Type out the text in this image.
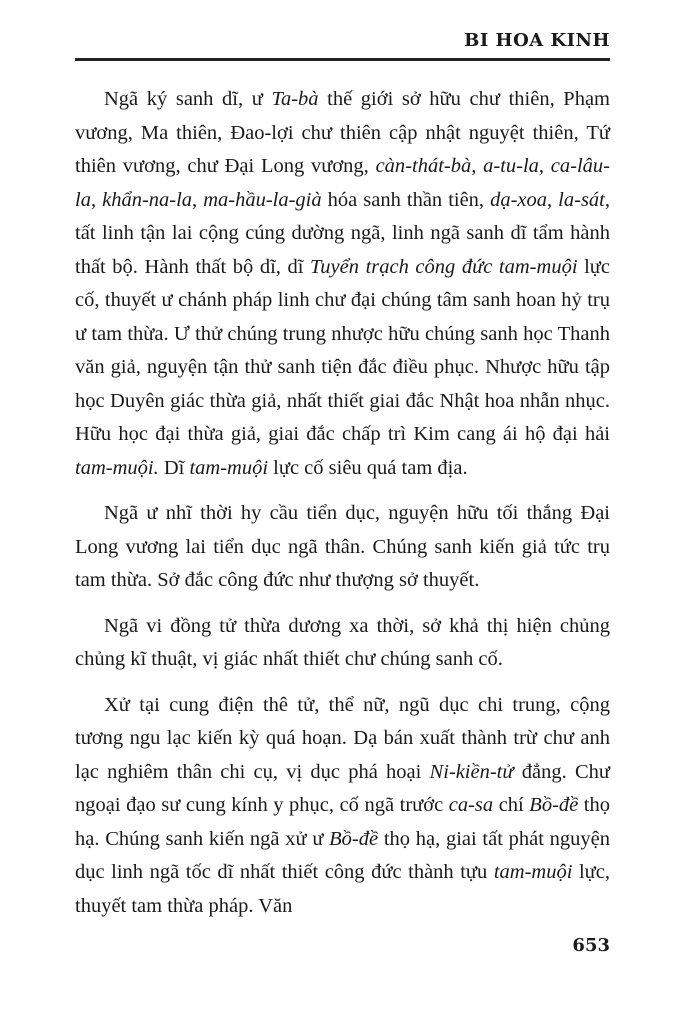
BI HOA KINH

Ngã ký sanh dĩ, ư Ta-bà thế giới sở hữu chư thiên, Phạm vương, Ma thiên, Đao-lợi chư thiên cập nhật nguyệt thiên, Tứ thiên vương, chư Đại Long vương, càn-thát-bà, a-tu-la, ca-lâu-la, khẩn-na-la, ma-hầu-la-già hóa sanh thần tiên, dạ-xoa, la-sát, tất linh tận lai cộng cúng dường ngã, linh ngã sanh dĩ tẩm hành thất bộ. Hành thất bộ dĩ, dĩ Tuyển trạch công đức tam-muội lực cố, thuyết ư chánh pháp linh chư đại chúng tâm sanh hoan hỷ trụ ư tam thừa. Ư thử chúng trung nhược hữu chúng sanh học Thanh văn giả, nguyện tận thử sanh tiện đắc điều phục. Nhược hữu tập học Duyên giác thừa giả, nhất thiết giai đắc Nhật hoa nhẫn nhục. Hữu học đại thừa giả, giai đắc chấp trì Kim cang ái hộ đại hải tam-muội. Dĩ tam-muội lực cố siêu quá tam địa.

Ngã ư nhĩ thời hy cầu tiển dục, nguyện hữu tối thắng Đại Long vương lai tiển dục ngã thân. Chúng sanh kiến giả tức trụ tam thừa. Sở đắc công đức như thượng sở thuyết.

Ngã vi đồng tử thừa dương xa thời, sở khả thị hiện chủng chủng kĩ thuật, vị giác nhất thiết chư chúng sanh cố.

Xử tại cung điện thê tử, thể nữ, ngũ dục chi trung, cộng tương ngu lạc kiến kỳ quá hoạn. Dạ bán xuất thành trừ chư anh lạc nghiêm thân chi cụ, vị dục phá hoại Ni-kiền-tử đẳng. Chư ngoại đạo sư cung kính y phục, cố ngã trước ca-sa chí Bồ-đề thọ hạ. Chúng sanh kiến ngã xử ư Bồ-đề thọ hạ, giai tất phát nguyện dục linh ngã tốc dĩ nhất thiết công đức thành tựu tam-muội lực, thuyết tam thừa pháp. Văn

653
